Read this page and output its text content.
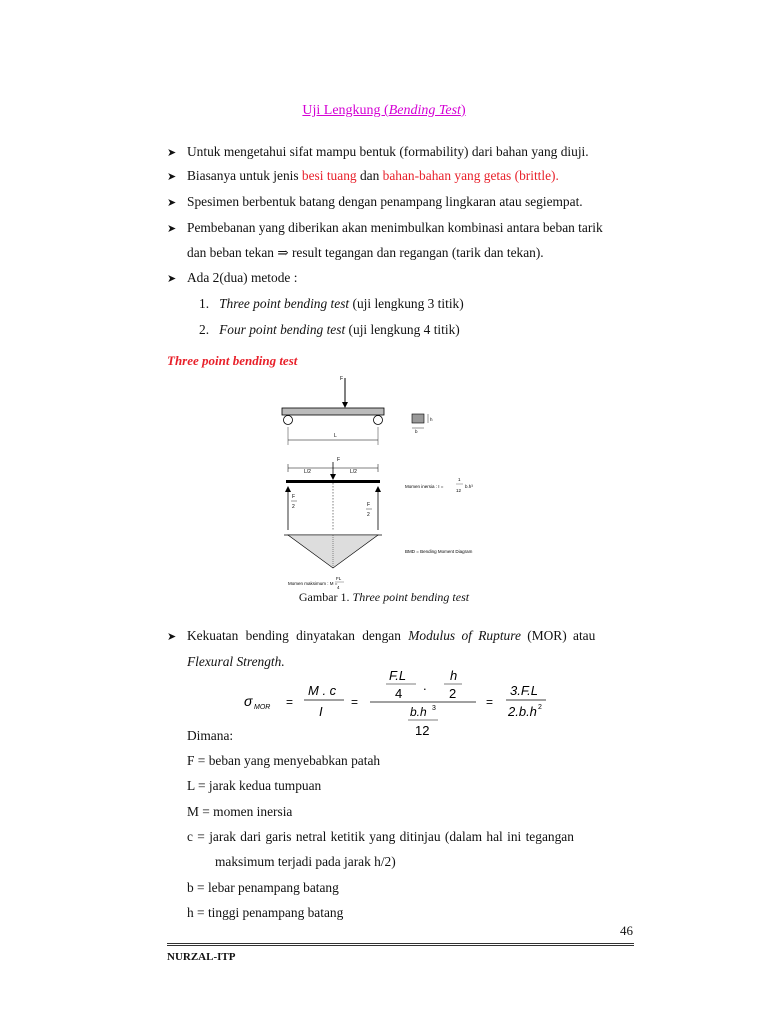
Uji Lengkung (Bending Test)
➤ Untuk mengetahui sifat mampu bentuk (formability) dari bahan yang diuji.
➤ Biasanya untuk jenis besi tuang dan bahan-bahan yang getas (brittle).
➤ Spesimen berbentuk batang dengan penampang lingkaran atau segiempat.
➤ Pembebanan yang diberikan akan menimbulkan kombinasi antara beban tarik
dan beban tekan ⇒ result tegangan dan regangan (tarik dan tekan).
➤ Ada 2(dua) metode :
1. Three point bending test (uji lengkung 3 titik)
2. Four point bending test (uji lengkung 4 titik)
Three point bending test
F
L
h
b
L/2	L/2
F
F
2	F
2
Momen inersia : I =
1
12
b.h³
BMD = Bending Moment Diagram
Momen maksimum : M =
FL
4
Gambar 1. Three point bending test
➤ Kekuatan bending dinyatakan dengan Modulus of Rupture (MOR) atau
Flexural Strength.
σ MOR =
M . c
I
=
F.L
4
.
h
2
b.h 3
12
=
3.F.L
2.b.h 2
Dimana:
F = beban yang menyebabkan patah
L = jarak kedua tumpuan
M = momen inersia
c = jarak dari garis netral ketitik yang ditinjau (dalam hal ini tegangan
maksimum terjadi pada jarak h/2)
b = lebar penampang batang
h = tinggi penampang batang
46
NURZAL-ITP
